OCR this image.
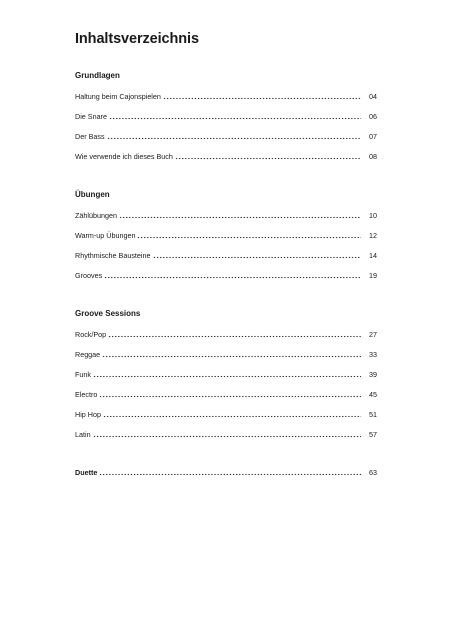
Inhaltsverzeichnis
Grundlagen
Haltung beim Cajonspielen	04
Die Snare	06
Der Bass	07
Wie verwende ich dieses Buch	08
Übungen
Zählübungen	10
Warm-up Übungen	12
Rhythmische Bausteine	14
Grooves	19
Groove Sessions
Rock/Pop	27
Reggae	33
Funk	39
Electro	45
Hip Hop	51
Latin	57
Duette	63
